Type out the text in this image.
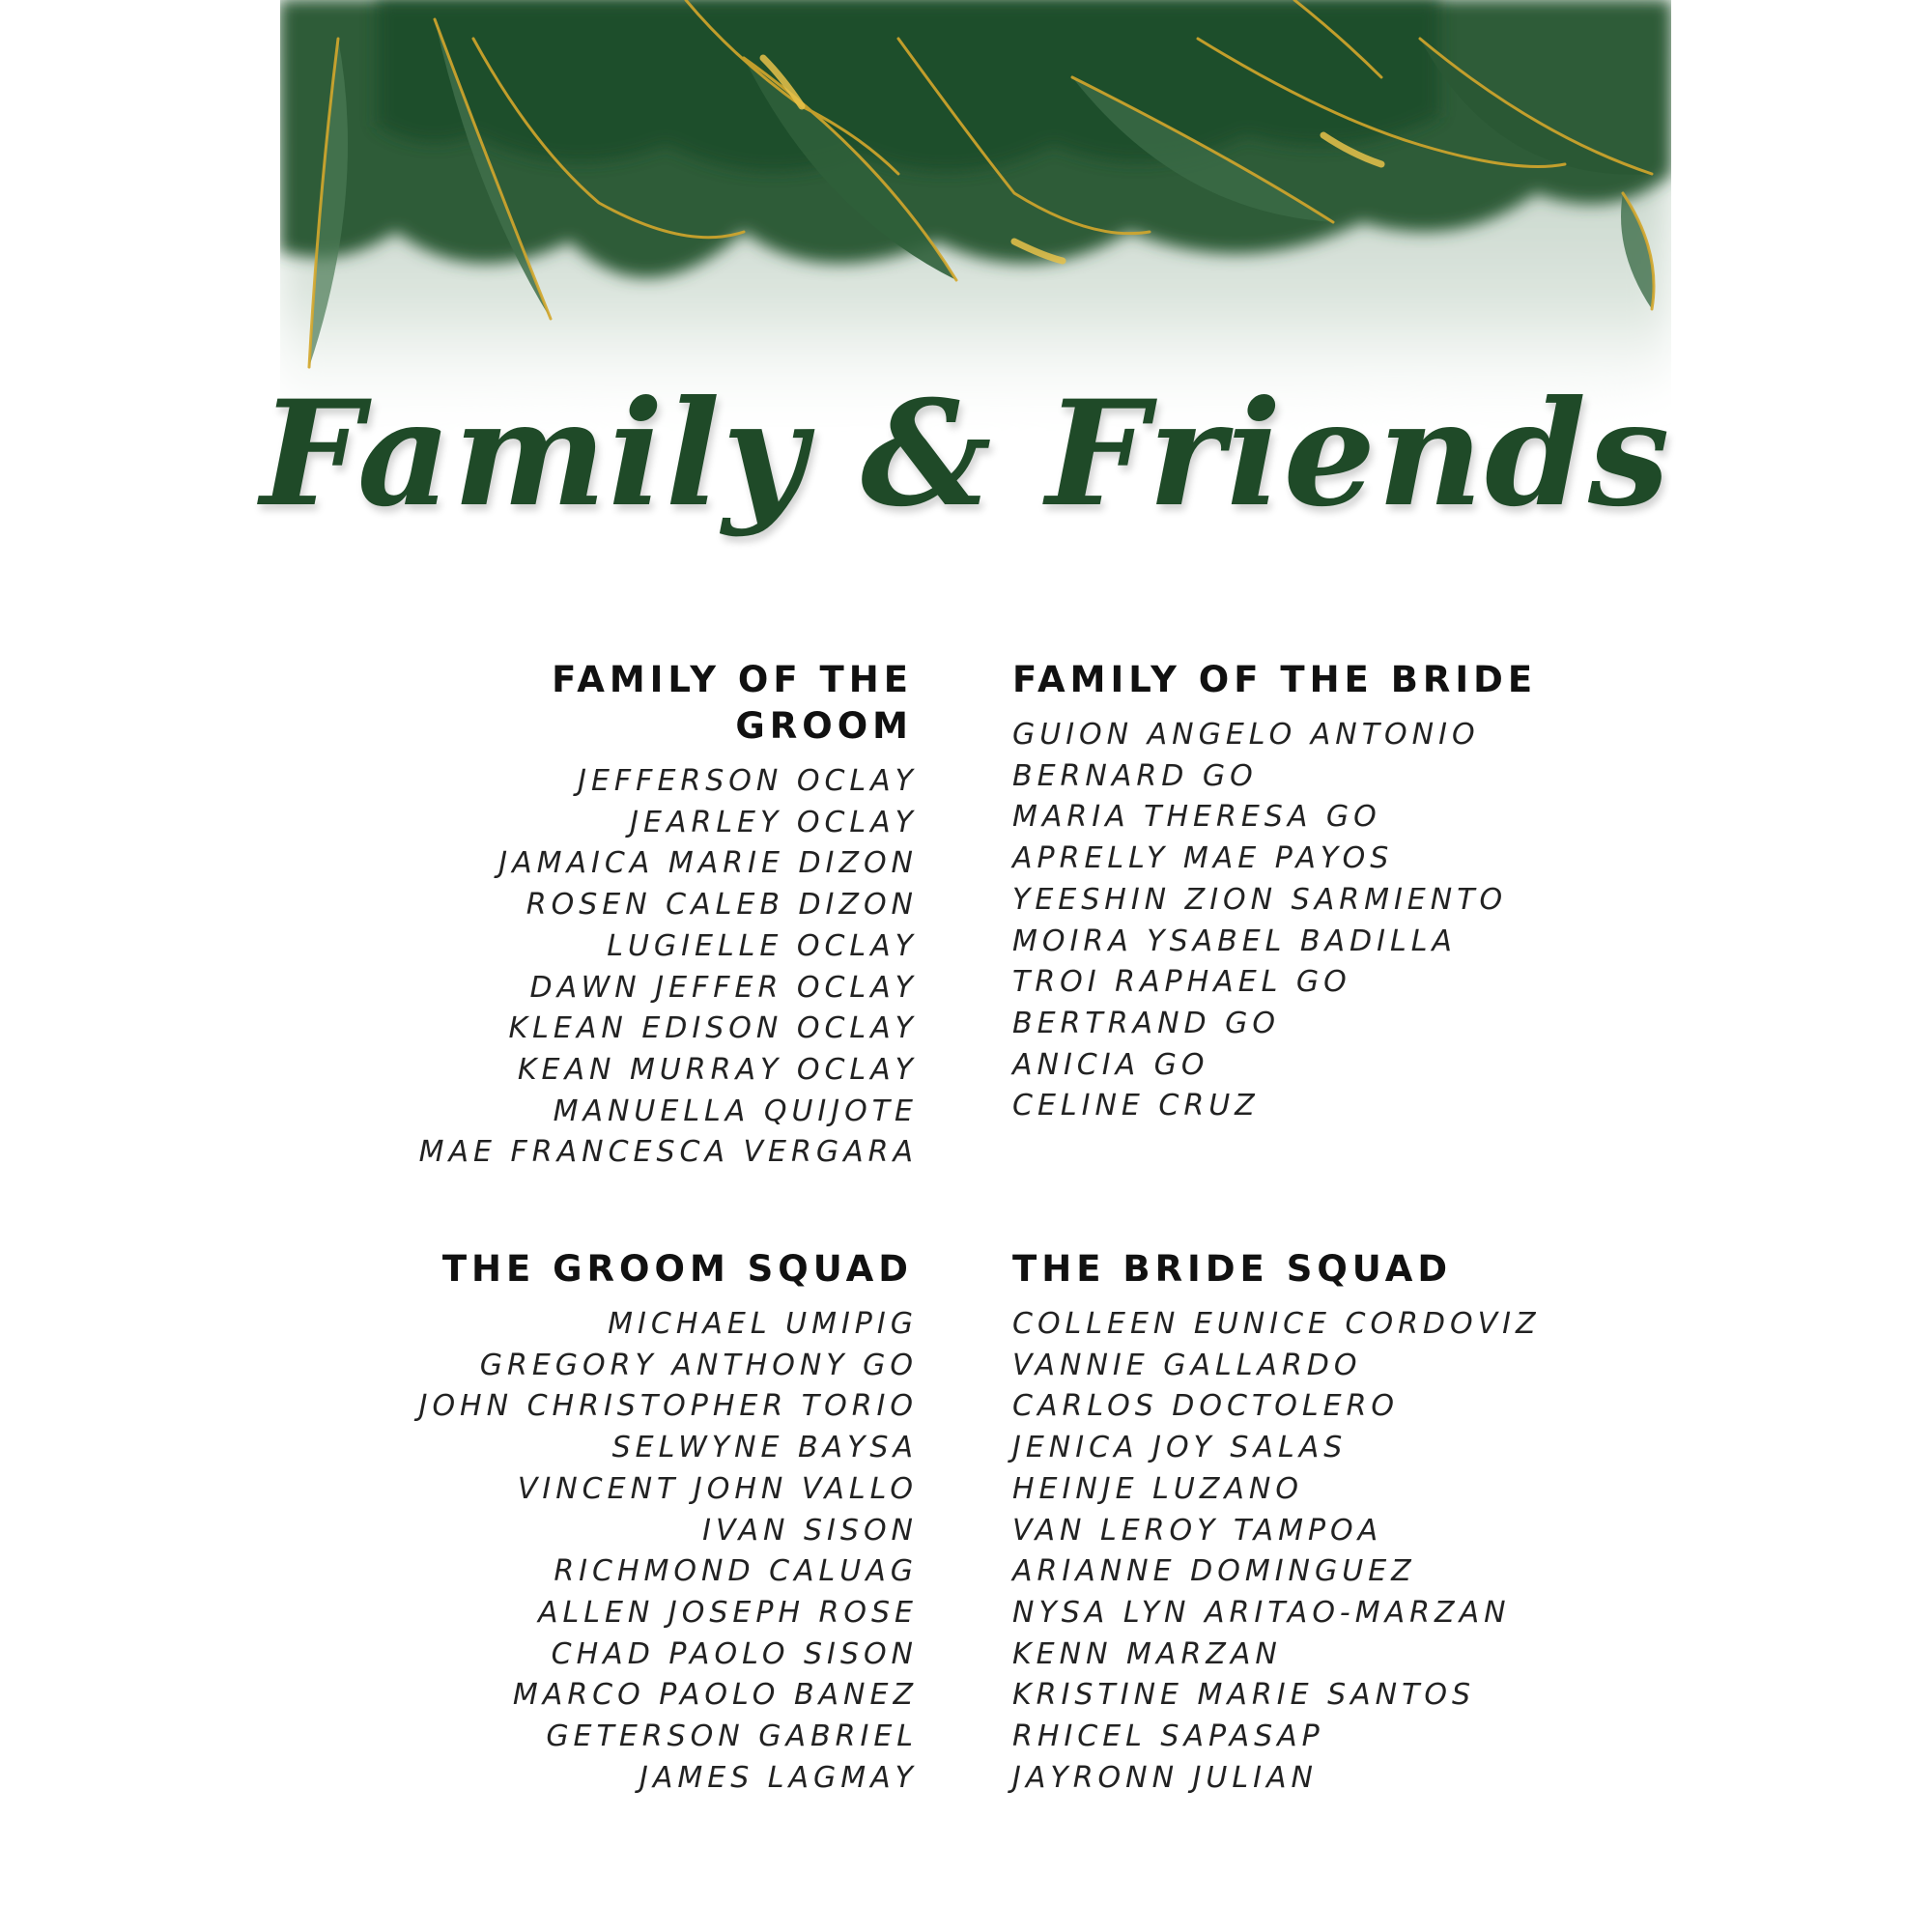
Family & Friends
FAMILY OF THE GROOM
JEFFERSON OCLAY
JEARLEY OCLAY
JAMAICA MARIE DIZON
ROSEN CALEB DIZON
LUGIELLE OCLAY
DAWN JEFFER OCLAY
KLEAN EDISON OCLAY
KEAN MURRAY OCLAY
MANUELLA QUIJOTE
MAE FRANCESCA VERGARA
FAMILY OF THE BRIDE
GUION ANGELO ANTONIO
BERNARD GO
MARIA THERESA GO
APRELLY MAE PAYOS
YEESHIN ZION SARMIENTO
MOIRA YSABEL BADILLA
TROI RAPHAEL GO
BERTRAND GO
ANICIA GO
CELINE CRUZ
THE GROOM SQUAD
MICHAEL UMIPIG
GREGORY ANTHONY GO
JOHN CHRISTOPHER TORIO
SELWYNE BAYSA
VINCENT JOHN VALLO
IVAN SISON
RICHMOND CALUAG
ALLEN JOSEPH ROSE
CHAD PAOLO SISON
MARCO PAOLO BANEZ
GETERSON GABRIEL
JAMES LAGMAY
THE BRIDE SQUAD
COLLEEN EUNICE CORDOVIZ
VANNIE GALLARDO
CARLOS DOCTOLERO
JENICA JOY SALAS
HEINJE LUZANO
VAN LEROY TAMPOA
ARIANNE DOMINGUEZ
NYSA LYN ARITAO-MARZAN
KENN MARZAN
KRISTINE MARIE SANTOS
RHICEL SAPASAP
JAYRONN JULIAN
